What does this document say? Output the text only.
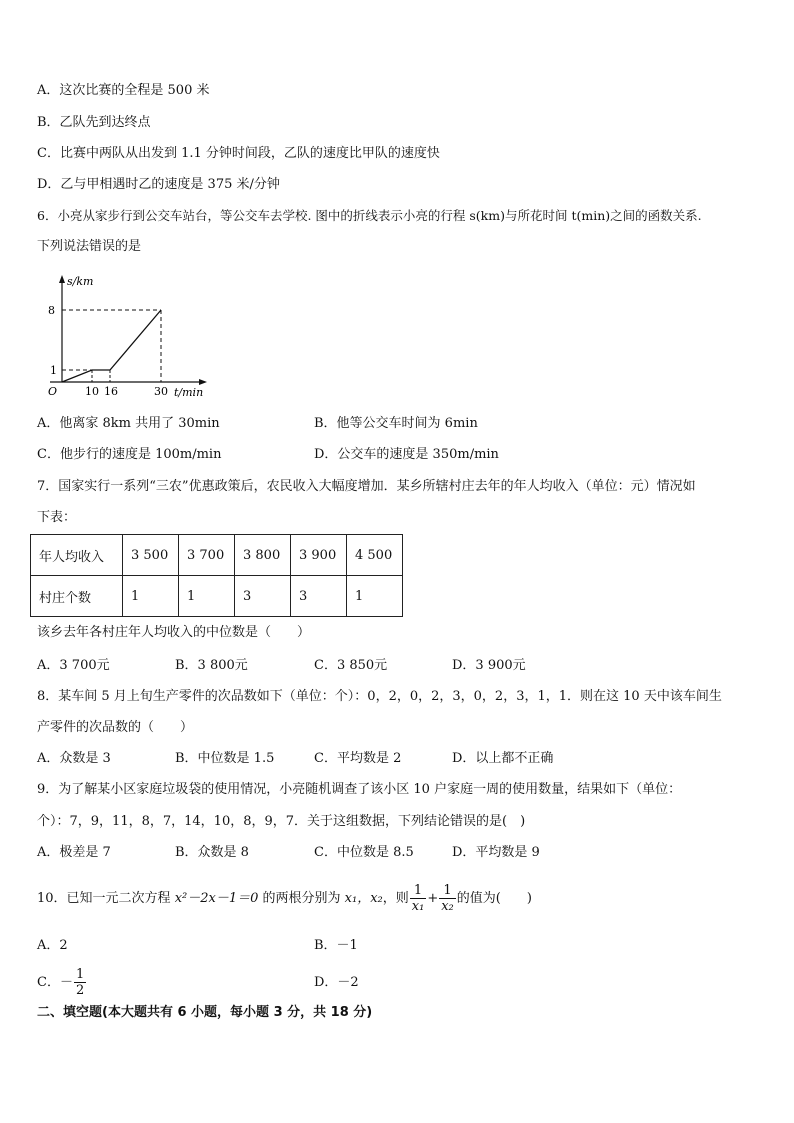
A．这次比赛的全程是 500 米
B．乙队先到达终点
C．比赛中两队从出发到 1.1 分钟时间段，乙队的速度比甲队的速度快
D．乙与甲相遇时乙的速度是 375 米/分钟
6．小亮从家步行到公交车站台，等公交车去学校. 图中的折线表示小亮的行程 s(km)与所花时间 t(min)之间的函数关系.
下列说法错误的是
s/km
t/min
8
1
O	10 16	30
A．他离家 8km 共用了 30min	B．他等公交车时间为 6min
C．他步行的速度是 100m/min	D．公交车的速度是 350m/min
7．国家实行一系列“三农”优惠政策后，农民收入大幅度增加．某乡所辖村庄去年的年人均收入（单位：元）情况如
下表：
年人均收入	3 500	3 700	3 800	3 900	4 500
村庄个数	1	1	3	3	1
该乡去年各村庄年人均收入的中位数是（　　）
A．3 700元	B．3 800元	C．3 850元	D．3 900元
8．某车间 5 月上旬生产零件的次品数如下（单位：个）：0，2，0，2，3，0，2，3，1，1．则在这 10 天中该车间生
产零件的次品数的（　　）
A．众数是 3	B．中位数是 1.5	C．平均数是 2	D．以上都不正确
9．为了解某小区家庭垃圾袋的使用情况，小亮随机调查了该小区 10 户家庭一周的使用数量，结果如下（单位：
个）：7，9，11，8，7，14，10，8，9，7．关于这组数据，下列结论错误的是(　)
A．极差是 7	B．众数是 8	C．中位数是 8.5	D．平均数是 9
10．已知一元二次方程 x²－2x－1＝0 的两根分别为 x₁，x₂，则 $\frac{1}{\text{x₁}} + \frac{1}{\text{x₂}}$ 的值为(　　)
A．2	B．－1
C．－ $\frac{1}{2}$	D．－2
二、填空题(本大题共有 6 小题，每小题 3 分，共 18 分)
